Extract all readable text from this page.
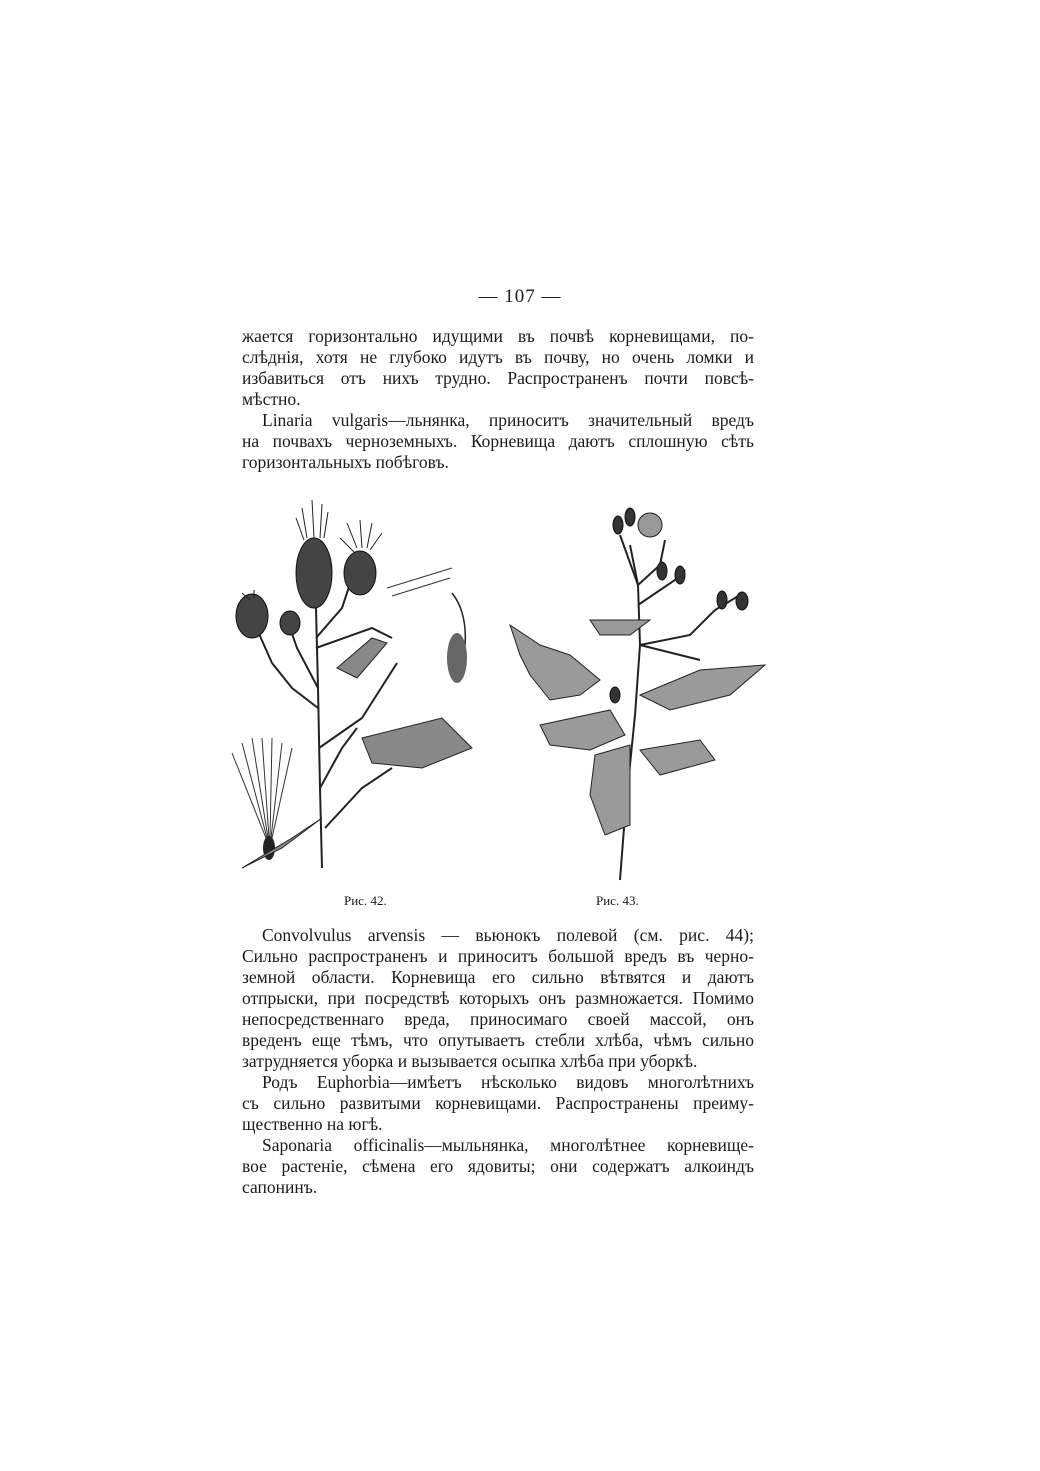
— 107 —

жается горизонтально идущими въ почвѣ корневищами, по-
слѣднія, хотя не глубоко идутъ въ почву, но очень ломки и
избавиться отъ нихъ трудно. Распространенъ почти повсѣ-
мѣстно.

Linaria vulgaris—льнянка, приноситъ значительный вредъ
на почвахъ черноземныхъ. Корневища даютъ сплошную сѣть
горизонтальныхъ побѣговъ.

Рис. 42.	Рис. 43.

Convolvulus arvensis — вьюнокъ полевой (см. рис. 44);
Сильно распространенъ и приноситъ большой вредъ въ черно-
земной области. Корневища его сильно вѣтвятся и даютъ
отпрыски, при посредствѣ которыхъ онъ размножается. Помимо
непосредственнаго вреда, приносимаго своей массой, онъ
вреденъ еще тѣмъ, что опутываетъ стебли хлѣба, чѣмъ сильно
затрудняется уборка и вызывается осыпка хлѣба при уборкѣ.

Родъ Euphorbia—имѣетъ нѣсколько видовъ многолѣтнихъ
съ сильно развитыми корневищами. Распространены преиму-
щественно на югѣ.

Saponaria officinalis—мыльнянка, многолѣтнее корневище-
вое растеніе, сѣмена его ядовиты; они содержатъ алкоиндъ
сапонинъ.
